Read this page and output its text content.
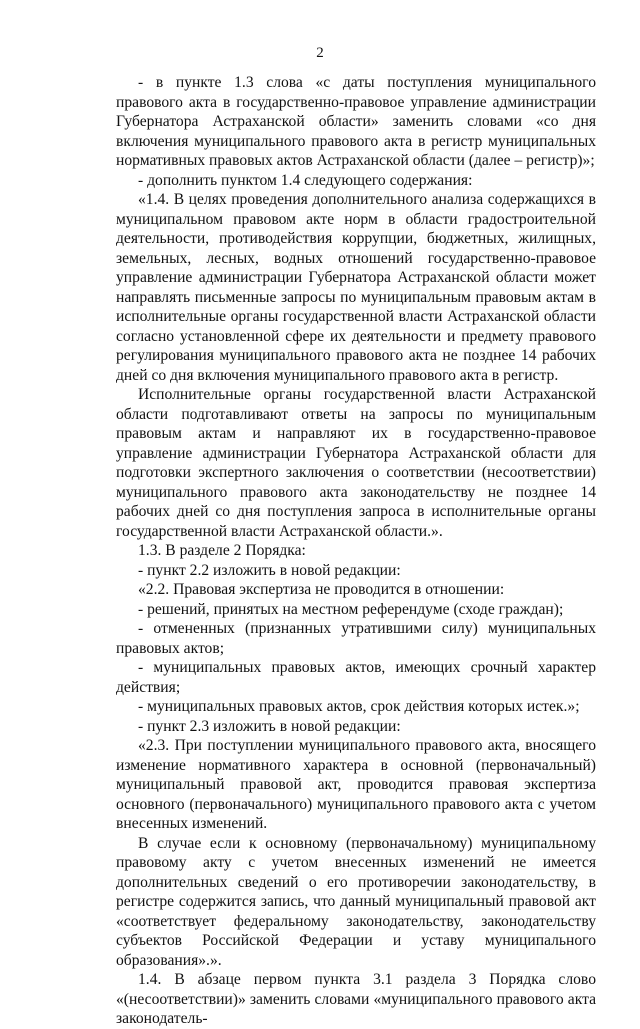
2

- в пункте 1.3 слова «с даты поступления муниципального правового акта в государственно-правовое управление администрации Губернатора Астраханской области» заменить словами «со дня включения муниципального правового акта в регистр муниципальных нормативных правовых актов Астраханской области (далее – регистр)»;

- дополнить пунктом 1.4 следующего содержания:

«1.4. В целях проведения дополнительного анализа содержащихся в муниципальном правовом акте норм в области градостроительной деятельности, противодействия коррупции, бюджетных, жилищных, земельных, лесных, водных отношений государственно-правовое управление администрации Губернатора Астраханской области может направлять письменные запросы по муниципальным правовым актам в исполнительные органы государственной власти Астраханской области согласно установленной сфере их деятельности и предмету правового регулирования муниципального правового акта не позднее 14 рабочих дней со дня включения муниципального правового акта в регистр.

Исполнительные органы государственной власти Астраханской области подготавливают ответы на запросы по муниципальным правовым актам и направляют их в государственно-правовое управление администрации Губернатора Астраханской области для подготовки экспертного заключения о соответствии (несоответствии) муниципального правового акта законодательству не позднее 14 рабочих дней со дня поступления запроса в исполнительные органы государственной власти Астраханской области.».

1.3. В разделе 2 Порядка:

- пункт 2.2 изложить в новой редакции:

«2.2. Правовая экспертиза не проводится в отношении:

- решений, принятых на местном референдуме (сходе граждан);

- отмененных (признанных утратившими силу) муниципальных правовых актов;

- муниципальных правовых актов, имеющих срочный характер действия;

- муниципальных правовых актов, срок действия которых истек.»;

- пункт 2.3 изложить в новой редакции:

«2.3. При поступлении муниципального правового акта, вносящего изменение нормативного характера в основной (первоначальный) муниципальный правовой акт, проводится правовая экспертиза основного (первоначального) муниципального правового акта с учетом внесенных изменений.

В случае если к основному (первоначальному) муниципальному правовому акту с учетом внесенных изменений не имеется дополнительных сведений о его противоречии законодательству, в регистре содержится запись, что данный муниципальный правовой акт «соответствует федеральному законодательству, законодательству субъектов Российской Федерации и уставу муниципального образования».».

1.4. В абзаце первом пункта 3.1 раздела 3 Порядка слово «(несоответствии)» заменить словами «муниципального правового акта законодатель-
